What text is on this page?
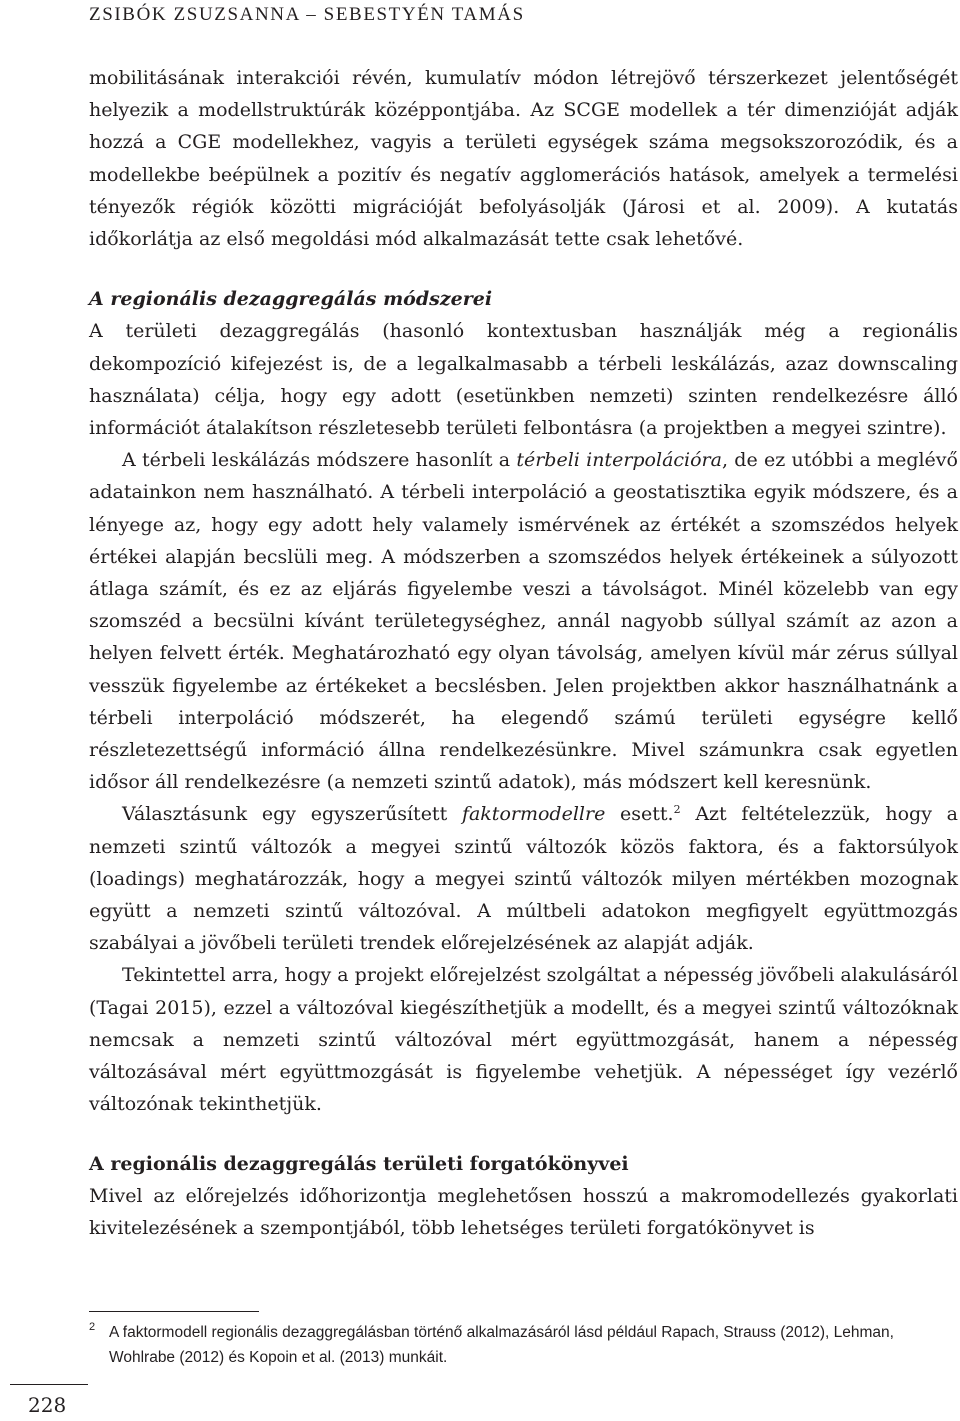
ZSIBÓK ZSUZSANNA – SEBESTYÉN TAMÁS

mobilitásának interakciói révén, kumulatív módon létrejövő térszerkezet jelentőségét helyezik a modellstruktúrák középpontjába. Az SCGE modellek a tér dimenzióját adják hozzá a CGE modellekhez, vagyis a területi egységek száma megsokszorozódik, és a modellekbe beépülnek a pozitív és negatív agglomerációs hatások, amelyek a termelési tényezők régiók közötti migrációját befolyásolják (Járosi et al. 2009). A kutatás időkorlátja az első megoldási mód alkalmazását tette csak lehetővé.

A regionális dezaggregálás módszerei

A területi dezaggregálás (hasonló kontextusban használják még a regionális dekompozíció kifejezést is, de a legalkalmasabb a térbeli leskálázás, azaz downscaling használata) célja, hogy egy adott (esetünkben nemzeti) szinten rendelkezésre álló információt átalakítson részletesebb területi felbontásra (a projektben a megyei szintre).

A térbeli leskálázás módszere hasonlít a térbeli interpolációra, de ez utóbbi a meglévő adatainkon nem használható. A térbeli interpoláció a geostatisztika egyik módszere, és a lényege az, hogy egy adott hely valamely ismérvének az értékét a szomszédos helyek értékei alapján becslüli meg. A módszerben a szomszédos helyek értékeinek a súlyozott átlaga számít, és ez az eljárás figyelembe veszi a távolságot. Minél közelebb van egy szomszéd a becsülni kívánt területegységhez, annál nagyobb súllyal számít az azon a helyen felvett érték. Meghatározható egy olyan távolság, amelyen kívül már zérus súllyal vesszük figyelembe az értékeket a becslésben. Jelen projektben akkor használhatnánk a térbeli interpoláció módszerét, ha elegendő számú területi egységre kellő részletezettségű információ állna rendelkezésünkre. Mivel számunkra csak egyetlen idősor áll rendelkezésre (a nemzeti szintű adatok), más módszert kell keresnünk.

Választásunk egy egyszerűsített faktormodellre esett.$^2$ Azt feltételezzük, hogy a nemzeti szintű változók a megyei szintű változók közös faktora, és a faktorsúlyok (loadings) meghatározzák, hogy a megyei szintű változók milyen mértékben mozognak együtt a nemzeti szintű változóval. A múltbeli adatokon megfigyelt együttmozgás szabályai a jövőbeli területi trendek előrejelzésének az alapját adják.

Tekintettel arra, hogy a projekt előrejelzést szolgáltat a népesség jövőbeli alakulásáról (Tagai 2015), ezzel a változóval kiegészíthetjük a modellt, és a megyei szintű változóknak nemcsak a nemzeti szintű változóval mért együttmozgását, hanem a népesség változásával mért együttmozgását is figyelembe vehetjük. A népességet így vezérlő változónak tekinthetjük.

A regionális dezaggregálás területi forgatókönyvei

Mivel az előrejelzés időhorizontja meglehetősen hosszú a makromodellezés gyakorlati kivitelezésének a szempontjából, több lehetséges területi forgatókönyvet is

2 A faktormodell regionális dezaggregálásban történő alkalmazásáról lásd például Rapach, Strauss (2012), Lehman, Wohlrabe (2012) és Kopoin et al. (2013) munkáit.
228
